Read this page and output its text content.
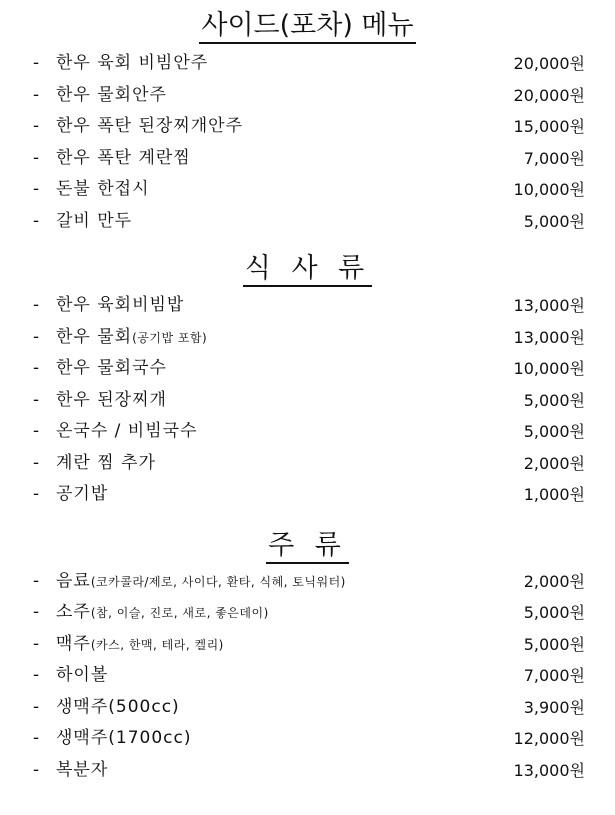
사이드(포차) 메뉴
- 한우 육회 비빔안주	20,000원
- 한우 물회안주	20,000원
- 한우 폭탄 된장찌개안주	15,000원
- 한우 폭탄 계란찜	7,000원
- 돈불 한접시	10,000원
- 갈비 만두	5,000원
식 사 류
- 한우 육회비빔밥	13,000원
- 한우 물회(공기밥 포함)	13,000원
- 한우 물회국수	10,000원
- 한우 된장찌개	5,000원
- 온국수 / 비빔국수	5,000원
- 계란 찜 추가	2,000원
- 공기밥	1,000원
주 류
- 음료(코카콜라/제로, 사이다, 환타, 식혜, 토닉워터)	2,000원
- 소주(참, 이슬, 진로, 새로, 좋은데이)	5,000원
- 맥주(카스, 한맥, 테라, 켈리)	5,000원
- 하이볼	7,000원
- 생맥주(500cc)	3,900원
- 생맥주(1700cc)	12,000원
- 복분자	13,000원
